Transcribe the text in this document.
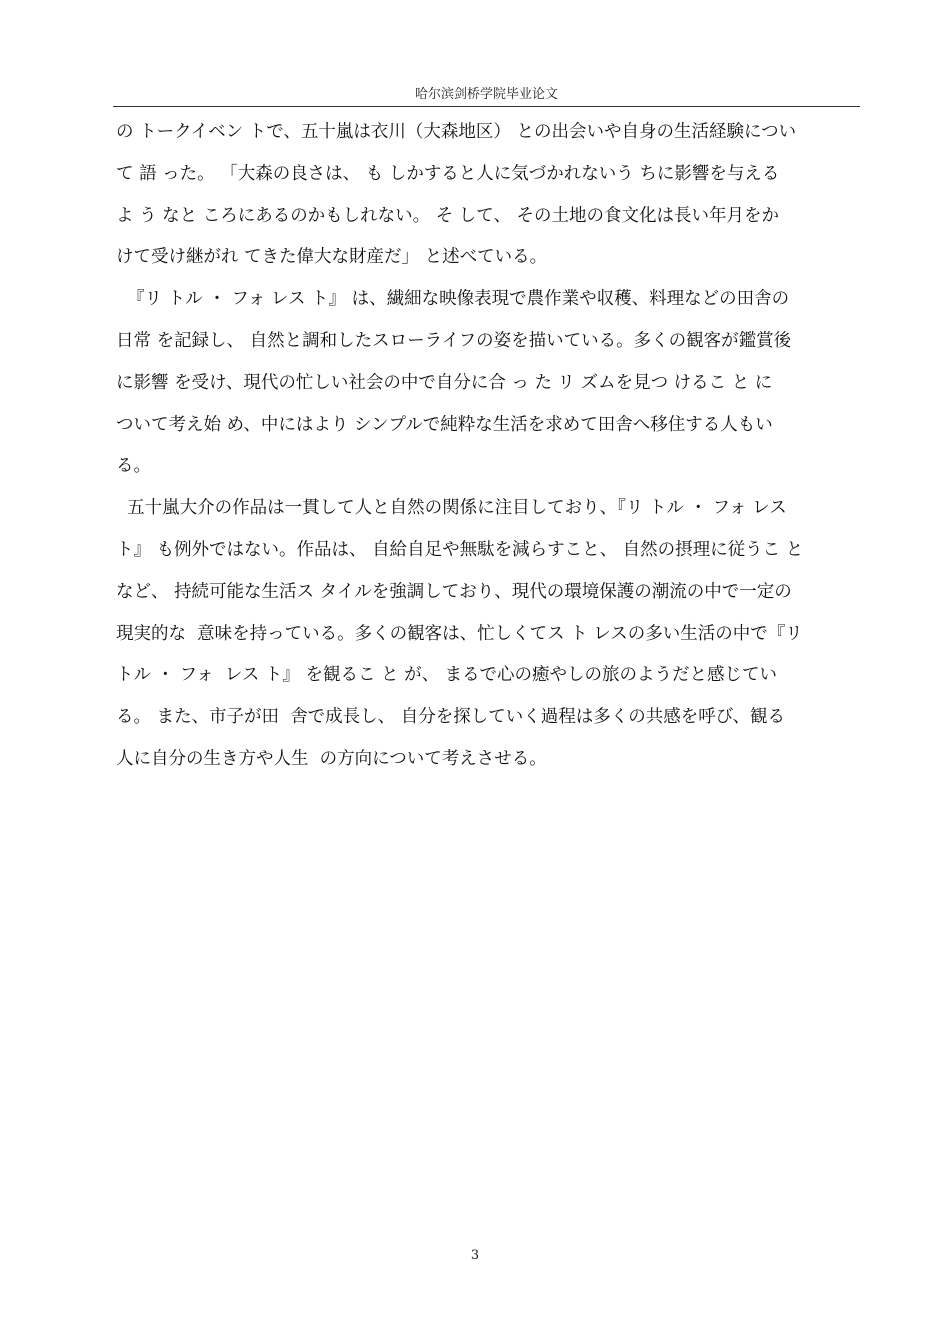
哈尔滨剑桥学院毕业论文
の トークイベン トで、五十嵐は衣川（大森地区） との出会いや自身の生活経験につい
て 語 った。 「大森の良さは、 も しかすると人に気づかれないう ちに影響を与える
よ う なと ころにあるのかもしれない。 そ して、 その土地の食文化は長い年月をか
けて受け継がれ てきた偉大な財産だ」 と述べている。
『リ トル ・ フォ レス ト』 は、繊細な映像表現で農作業や収穫、料理などの田舎の
日常 を記録し、 自然と調和したスローライフの姿を描いている。多くの観客が鑑賞後
に影響 を受け、現代の忙しい社会の中で自分に合 っ た リ ズムを見つ けるこ と に
ついて考え始 め、中にはより シンプルで純粋な生活を求めて田舎へ移住する人もい
る。
五十嵐大介の作品は一貫して人と自然の関係に注目しており、『リ トル ・ フォ レス
ト』 も例外ではない。作品は、 自給自足や無駄を減らすこと、 自然の摂理に従うこ と
など、 持続可能な生活ス タイルを強調しており、現代の環境保護の潮流の中で一定の
現実的な  意味を持っている。多くの観客は、忙しくてス ト レスの多い生活の中で『リ
トル ・ フォ  レス ト』 を観るこ と が、 まるで心の癒やしの旅のようだと感じてい
る。 また、市子が田  舎で成長し、 自分を探していく過程は多くの共感を呼び、観る
人に自分の生き方や人生  の方向について考えさせる。
3
